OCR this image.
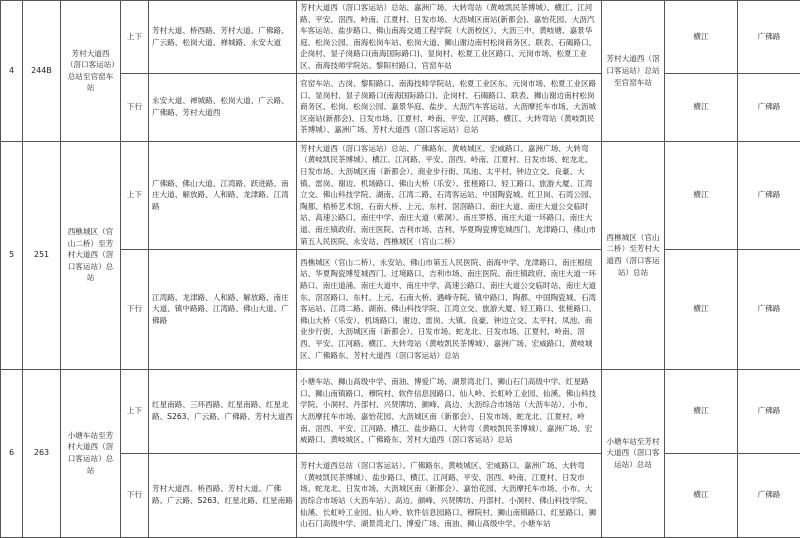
4	244B	芳村大道西（滘口客运站）总站至官窑车站	上下	芳村大道、桥西路、芳村大道、广佛路、广云路、松岗大道、禅城路、永安大道	芳村大道西（滘口客运站）总站、嘉洲广场、大转弯站（黄岐凯民茶博城）、横江、江河路、平安、滘西、岭南、江夏村、日发市场、大沥城区南站(新都会)、嘉怡花园、大沥汽车客运站、盐步路口、佛山南海交通工程学院（大沥校区）、大沥三中、黄岐塘、嘉景华庭、松岗公园、南海松岗车站、松岗大道、狮山谢边南村松岗商务区、联表、石碣路口、企岗村、显子岗路口(南海国际路口)、显岗村、松夏工业区路口、元岗市场、松夏工业区、南海技师学院站、黎阳村路口、官窑车站	芳村大道西（滘口客运站）总站至官窑车站	横江	广佛路
			下行	永安大道、禅城路、松岗大道、广云路、广佛路、芳村大道西	官窑车站、古岗、黎阳路口、南海技师学院站、松夏工业区东、元岗市场、松夏工业区路口、显岗村、显子岗路口(南海国际路口)、企岗村、石碣路口、联表、狮山谢边南村松岗商务区、松岗、松岗公园、嘉景华庭、盐步、大沥汽车客运站、大沥摩托车市场、大沥城区南站(新都会)、日发市场、江夏村、岭南、平安、江河路、横江、大转弯站（黄岐凯民茶博城）、嘉洲广场、芳村大道西（滘口客运站）总站		横江	广佛路
5	251	西樵城区（官山二桥）至芳村大道西（滘口客运站）总站	上下	广佛路、佛山大道、江湾路、跃进路、南庄大道、解放路、人和路、龙津路、江湾路	芳村大道西（滘口客运站）总站、广佛路东、黄岐城区、宏威路口、嘉洲广场、大转弯（黄岐凯民茶博城）、横江、江河路、平安、滘西、岭南、江夏村、日发市场、蛇龙北、日发市场、大沥城区南（新都会）、商业步行街、凤池、太平村、钟边立交、良豪、大镇、雷岗、谢边、机场路口、佛山大桥（乐安）、张槎路口、轻工路口、旅游大厦、江湾立交、佛山科技学院、湖南、江湾二路、石湾客运站、中国陶瓷城、红卫岗、石湾公园、陶都、梧桥艺术馆、石南大桥、上元、东村、滘滘路口、南庄大道、南庄大道公交临时站、高速公路口、南庄中学、南庄大道（紫洞）、南庄罗格、南庄大道一环路口、南庄大道、南庄镇政府、南庄医院、吉利市场、吉利、华夏陶瓷博览城西门、龙津路口、佛山市第五人民医院、永安站、西樵城区（官山二桥）	西樵城区（官山二桥）至芳村大道西（滘口客运站）总站	横江	广佛路
			下行	江湾路、龙津路、人和路、解放路、南庄大道、镇中路路、江湾路、佛山大道、广佛路	西樵城区（官山二桥）、永安站、佛山市第五人民医院、南海中学、龙津路口、南庄根纽站、华夏陶瓷博览城西门、过境路口、吉利市场、南庄医院、南庄镇政府、南庄大道一环路口、南庄道涌、南庄大道中、南庄中学、高速公路口、南庄大道公交临时站、南庄大道东、滘滘路口、东村、上元、石南大桥、遇峰寺院、镇中路口、陶都、中国陶瓷城、石湾客运站、江湾二路、湖南、佛山科技学院、江湾立交、旅游大厦、轻工路口、张槎路口、佛山大桥（乐安）、机场路口、谢边、雷岗、大镇、良豪、钟边立交、太平村、凤池、商业步行街、大沥城区南（新都会）、日发市场、蛇龙北、日发市场、江夏村、岭南、滘西、平安、江河路、横江、大转弯站（黄岐凯民茶博城）、嘉洲广场、宏威路口、黄岐城区、广佛路东、芳村大道西（滘口客运站）总站		横江	广佛路
6	263	小塘车站至芳村大道西（滘口客运站）总站	上下	红星南路、三环西路、红星南路、红星北路、S263、广云路、广佛路、芳村大道西	小塘车站、狮山高级中学、南油、博爱广场、湖景湾北门、狮山石门高级中学、红星路口、狮山南镇路口、穆院村、软件信息园路口、仙人岭、长虹岭工业园、仙溪、佛山科技学院、小洞村、丹部村、兴贤牌坊、颜峰、高边、大沥综合市场站（大沥车站）、小布、大沥摩托车市场、嘉怡花园、大沥城区南（新都会）、日发市场、蛇龙北、江夏村、岭南、滘西、平安、江河路、横江、盐步路口、大转弯（黄岐凯民茶博城）、嘉洲广场、宏威路口、黄岐城区、广佛路东、芳村大道西（滘口客运站）总站	小塘车站至芳村大道西（滘口客运站）总站	横江	广佛路
			下行	芳村大道西、桥西路、芳村大道、广佛路、广云路、S263、红星北路、红星南路	芳村大道西总站（滘口客运站）、广佛路东、黄岐城区、宏威路口、嘉洲广场、大转弯（黄岐凯民茶博城）、盐步路口、横江、江河路、平安、滘西、岭南、江夏村、日发市场、蛇龙北、日发市场、大沥城区南（新都会）、嘉怡花园、大沥摩托车市场、小布、大沥综合市场站（大沥车站）、高边、颜峰、兴贤牌坊、丹部村、小洞村、佛山科技学院、仙溪、长虹岭工业园、仙人岭、软件信息园路口、穆院村、狮山南镇路口、红星路口、狮山石门高级中学、湖景湾北门、博爱广场、南油、狮山高级中学、小塘车站		横江	广佛路
